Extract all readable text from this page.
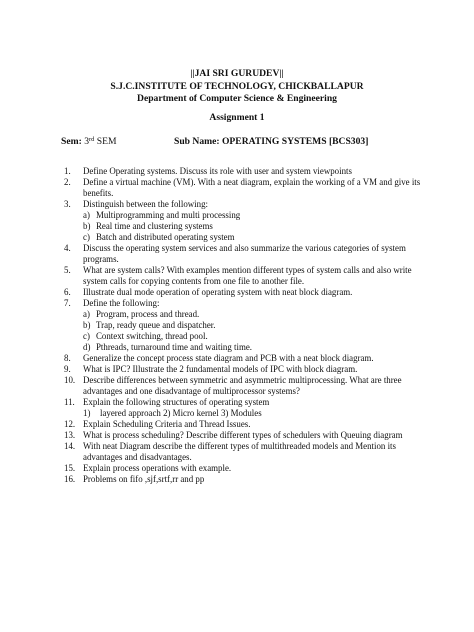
||JAI SRI GURUDEV||
S.J.C.INSTITUTE OF TECHNOLOGY, CHICKBALLAPUR
Department of Computer Science & Engineering
Assignment 1
Sem: 3rd SEM	Sub Name: OPERATING SYSTEMS [BCS303]
1.	Define Operating systems. Discuss its role with user and system viewpoints
2.	Define a virtual machine (VM). With a neat diagram, explain the working of a VM and give its benefits.
3.	Distinguish between the following:
a) Multiprogramming and multi processing
b) Real time and clustering systems
c) Batch and distributed operating system
4.	Discuss the operating system services and also summarize the various categories of system programs.
5.	What are system calls? With examples mention different types of system calls and also write system calls for copying contents from one file to another file.
6.	Illustrate dual mode operation of operating system with neat block diagram.
7.	Define the following:
a) Program, process and thread.
b) Trap, ready queue and dispatcher.
c) Context switching, thread pool.
d) Pthreads, turnaround time and waiting time.
8.	Generalize the concept process state diagram and PCB with a neat block diagram.
9.	What is IPC? Illustrate the 2 fundamental models of IPC with block diagram.
10. Describe differences between symmetric and asymmetric multiprocessing. What are three advantages and one disadvantage of multiprocessor systems?
11. Explain the following structures of operating system
1)	layered approach 2) Micro kernel 3) Modules
12. Explain Scheduling Criteria and Thread Issues.
13. What is process scheduling? Describe different types of schedulers with Queuing diagram
14. With neat Diagram describe the different types of multithreaded models and Mention its advantages and disadvantages.
15. Explain process operations with example.
16. Problems on fifo ,sjf,srtf,rr and pp
